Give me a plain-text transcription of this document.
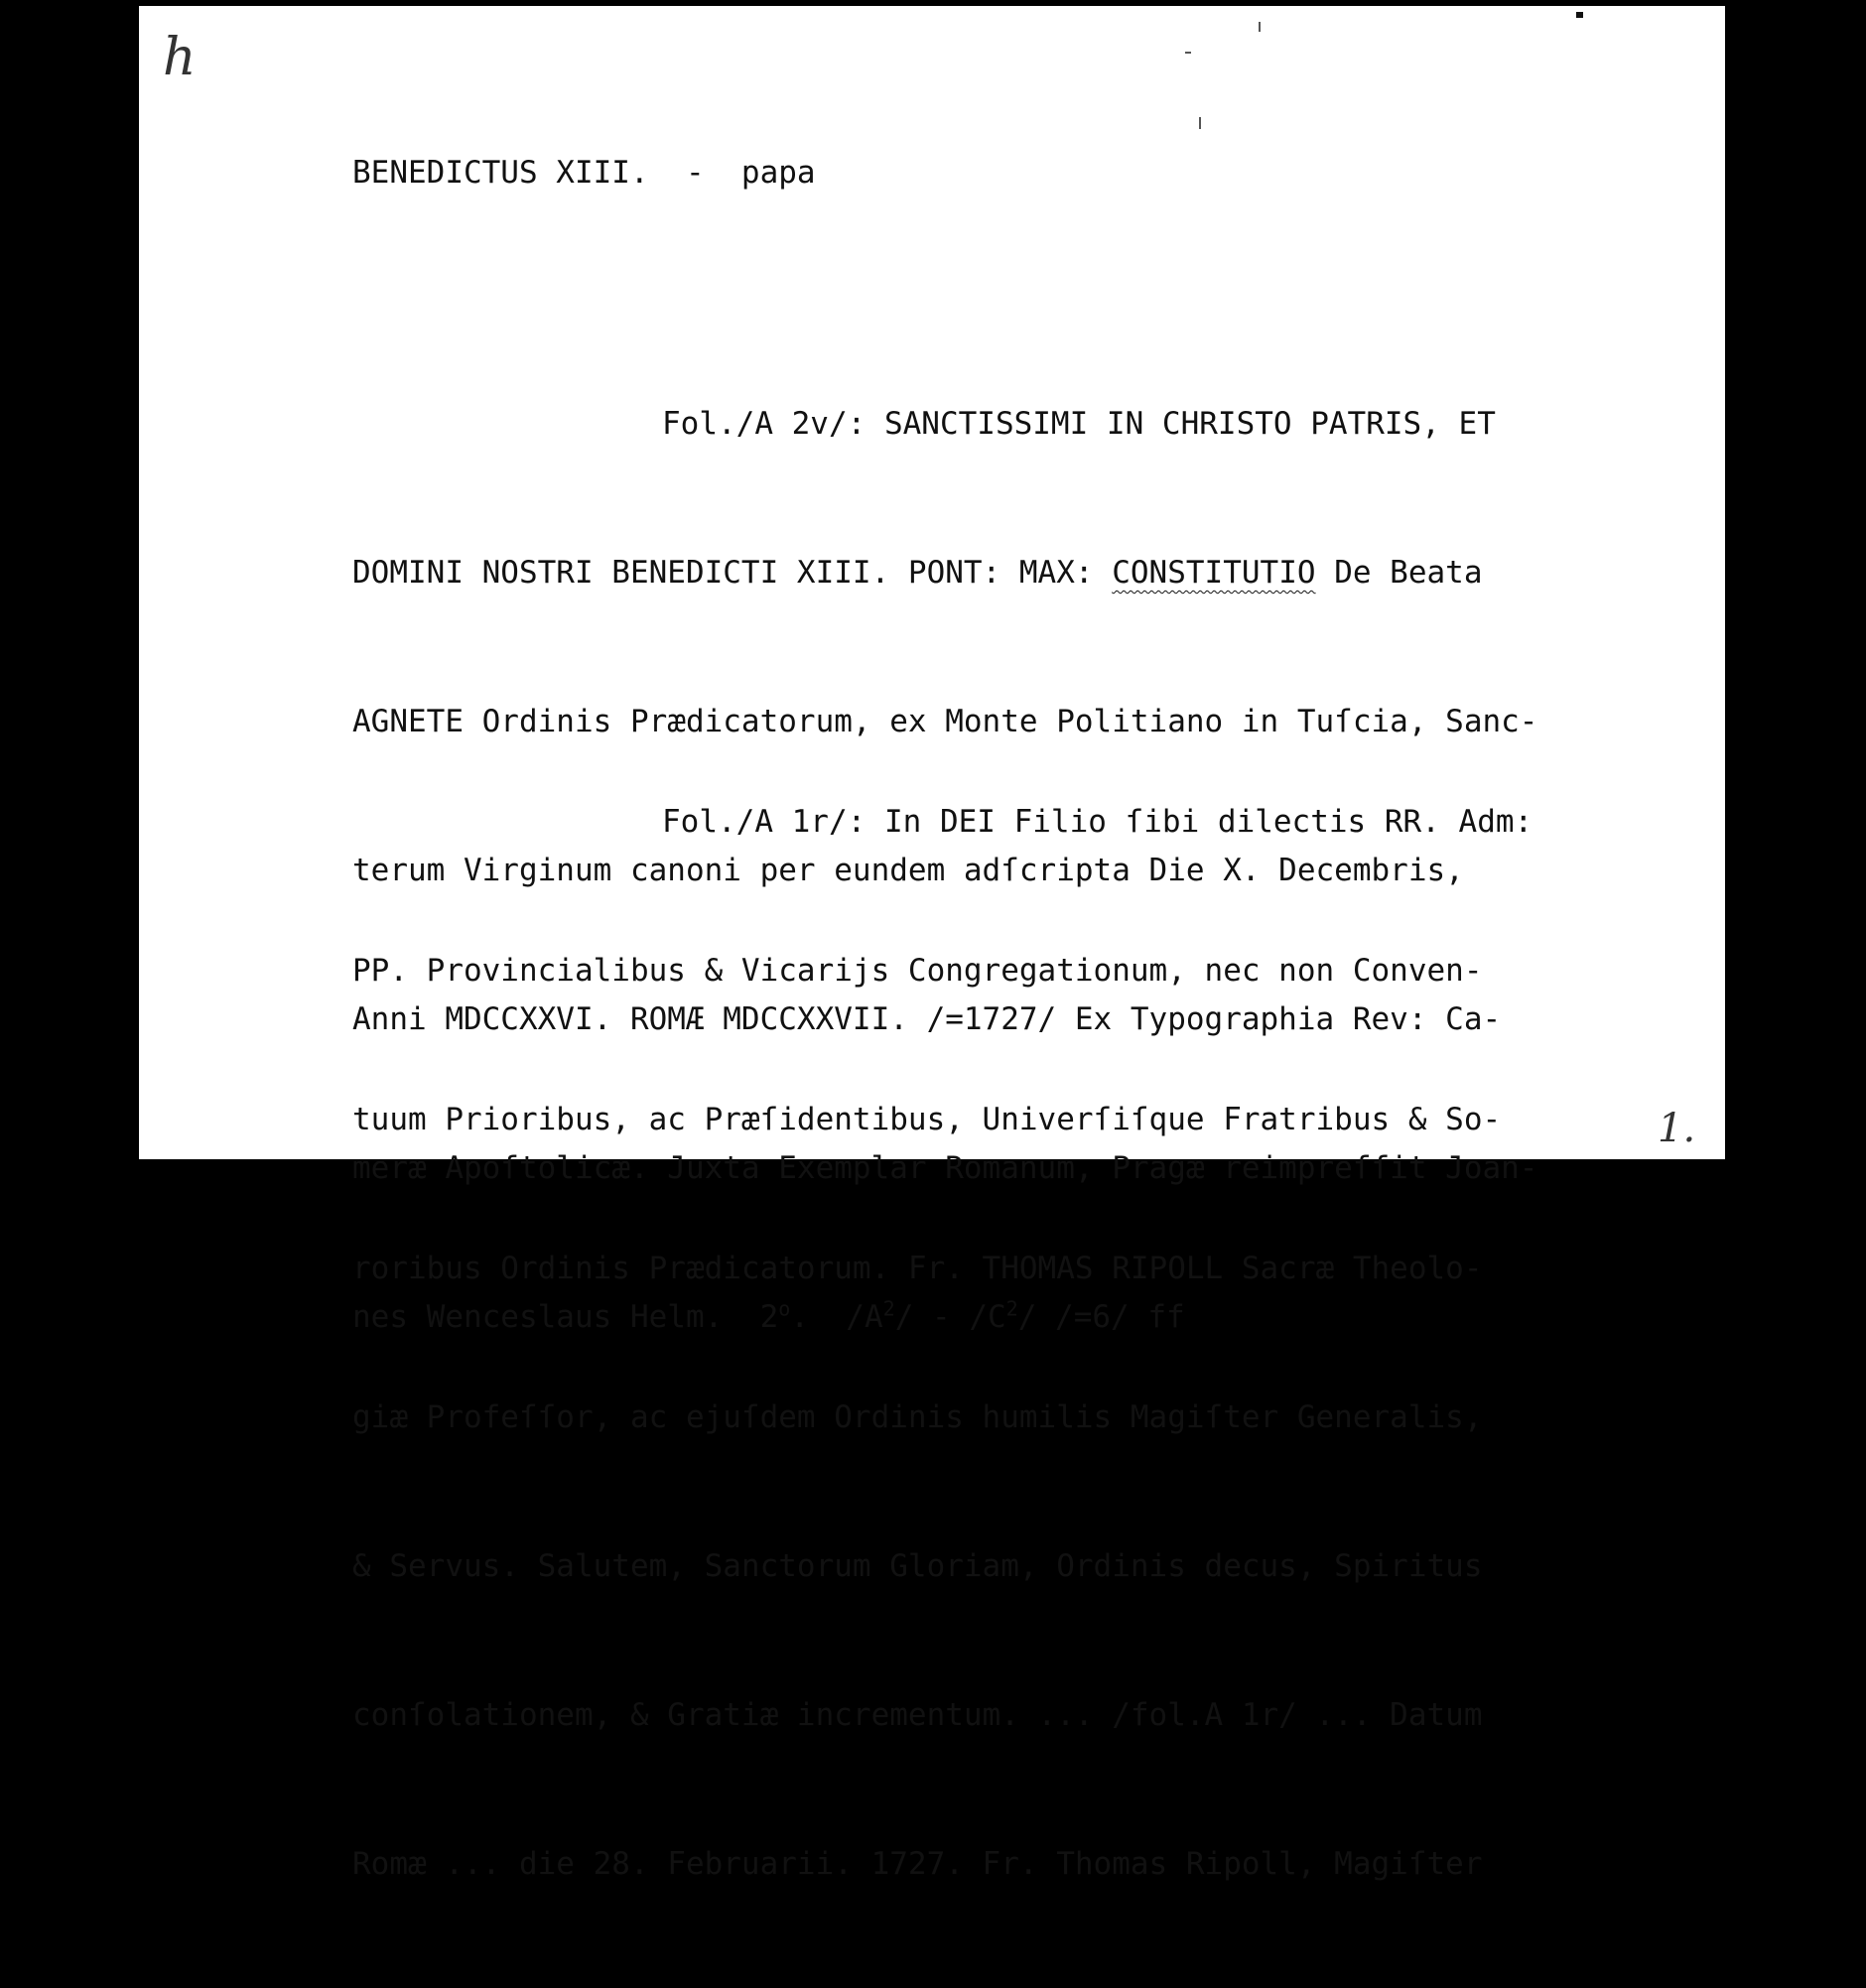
h
BENEDICTUS XIII.  -  papa

Fol./A 2v/: SANCTISSIMI IN CHRISTO PATRIS, ET

DOMINI NOSTRI BENEDICTI XIII. PONT: MAX: CONSTITUTIO De Beata

AGNETE Ordinis Prædicatorum, ex Monte Politiano in Tuſcia, Sanc-

terum Virginum canoni per eundem adſcripta Die X. Decembris,

Anni MDCCXXVI. ROMÆ MDCCXXVII. /=1727/ Ex Typographia Rev: Ca-

meræ Apoſtolicæ. Juxta Exemplar Romanum, Pragæ reimpreſſit Joan-

nes Wenceslaus Helm.  2$^o$.  $/A^2/ - /C^2/$ /=6/ ff

Fol./A 1r/: In DEI Filio ſibi dilectis RR. Adm:

PP. Provincialibus & Vicarijs Congregationum, nec non Conven-

tuum Prioribus, ac Præſidentibus, Univerſiſque Fratribus & So-

roribus Ordinis Prædicatorum. Fr. THOMAS RIPOLL Sacræ Theolo-

giæ Profeſſor, ac ejuſdem Ordinis humilis Magiſter Generalis,

& Servus. Salutem, Sanctorum Gloriam, Ordinis decus, Spiritus

conſolationem, & Gratiæ incrementum. ... /fol.A 1r/ ... Datum

Romæ ... die 28. Februarii. 1727. Fr. Thomas Ripoll, Magiſter

1.
